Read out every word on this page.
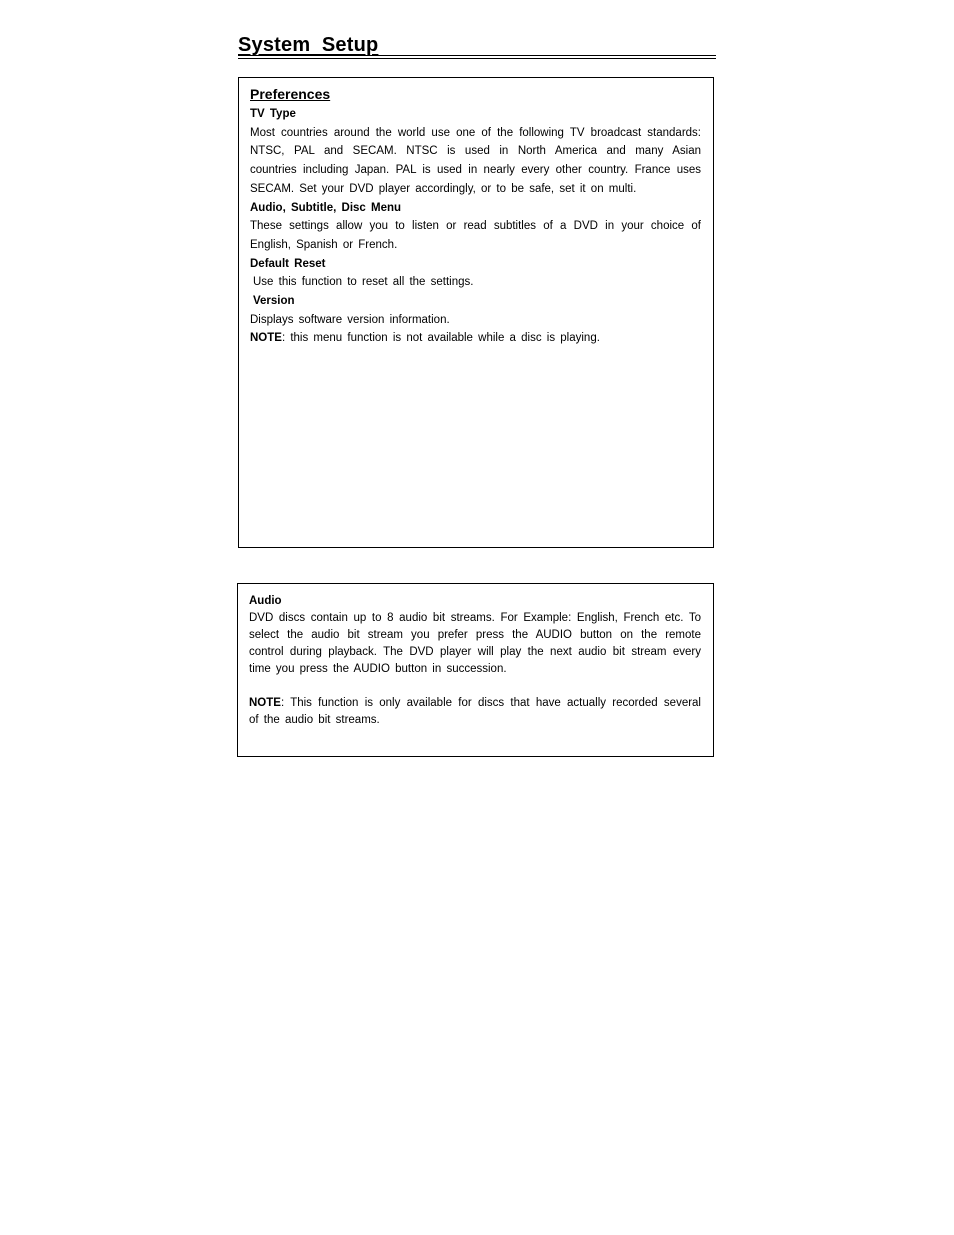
System  Setup
Preferences
TV Type
Most countries around the world use one of the following TV broadcast standards: NTSC, PAL and SECAM. NTSC is used in North America and many Asian countries including Japan. PAL is used in nearly every other country. France uses SECAM. Set your DVD player accordingly, or to be safe, set it on multi.
Audio, Subtitle, Disc Menu
These settings allow you to listen or read subtitles of a DVD in your choice of English, Spanish or French.
Default Reset
Use this function to reset all the settings.
Version
Displays software version information.
NOTE: this menu function is not available while a disc is playing.
Audio
DVD discs contain up to 8 audio bit streams. For Example: English, French etc. To select the audio bit stream you prefer press the AUDIO button on the remote control during playback. The DVD player will play the next audio bit stream every time you press the AUDIO button in succession.
NOTE: This function is only available for discs that have actually recorded several of the audio bit streams.
